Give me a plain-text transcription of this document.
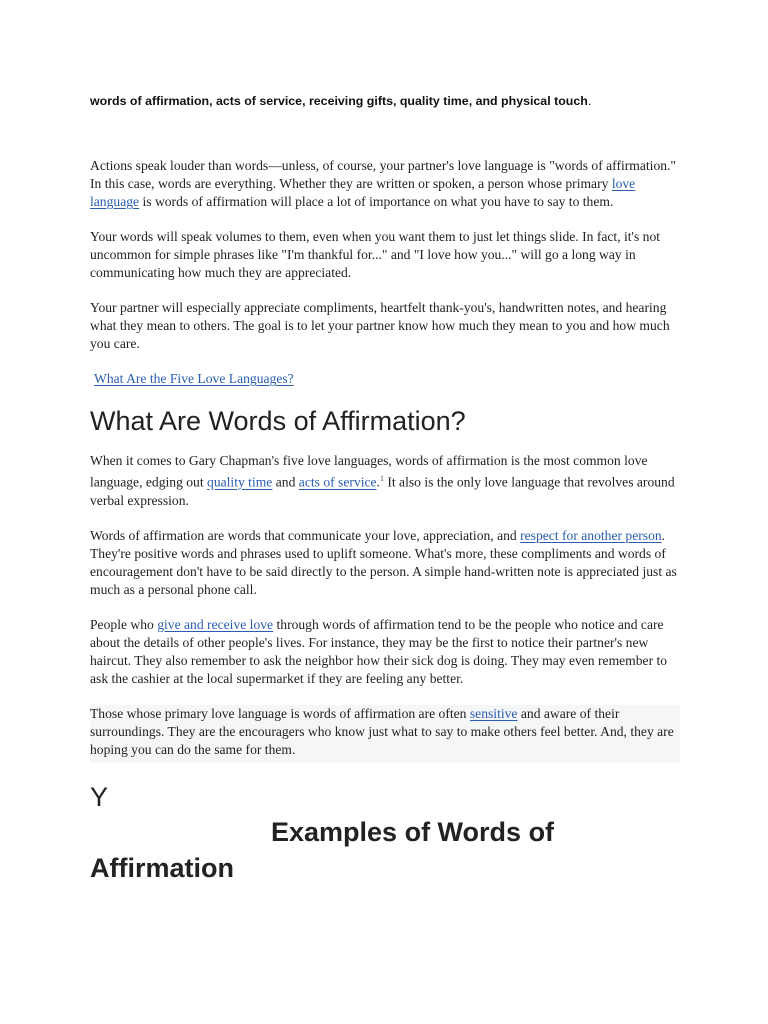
words of affirmation, acts of service, receiving gifts, quality time, and physical touch.

Actions speak louder than words—unless, of course, your partner's love language is "words of affirmation." In this case, words are everything. Whether they are written or spoken, a person whose primary love language is words of affirmation will place a lot of importance on what you have to say to them.

Your words will speak volumes to them, even when you want them to just let things slide. In fact, it's not uncommon for simple phrases like "I'm thankful for..." and "I love how you..." will go a long way in communicating how much they are appreciated.

Your partner will especially appreciate compliments, heartfelt thank-you's, handwritten notes, and hearing what they mean to others. The goal is to let your partner know how much they mean to you and how much you care.

What Are the Five Love Languages?

What Are Words of Affirmation?

When it comes to Gary Chapman's five love languages, words of affirmation is the most common love language, edging out quality time and acts of service.$^1$ It also is the only love language that revolves around verbal expression.

Words of affirmation are words that communicate your love, appreciation, and respect for another person. They're positive words and phrases used to uplift someone. What's more, these compliments and words of encouragement don't have to be said directly to the person. A simple hand-written note is appreciated just as much as a personal phone call.

People who give and receive love through words of affirmation tend to be the people who notice and care about the details of other people's lives. For instance, they may be the first to notice their partner's new haircut. They also remember to ask the neighbor how their sick dog is doing. They may even remember to ask the cashier at the local supermarket if they are feeling any better.

Those whose primary love language is words of affirmation are often sensitive and aware of their surroundings. They are the encouragers who know just what to say to make others feel better. And, they are hoping you can do the same for them.

Y

Examples of Words of
Affirmation
